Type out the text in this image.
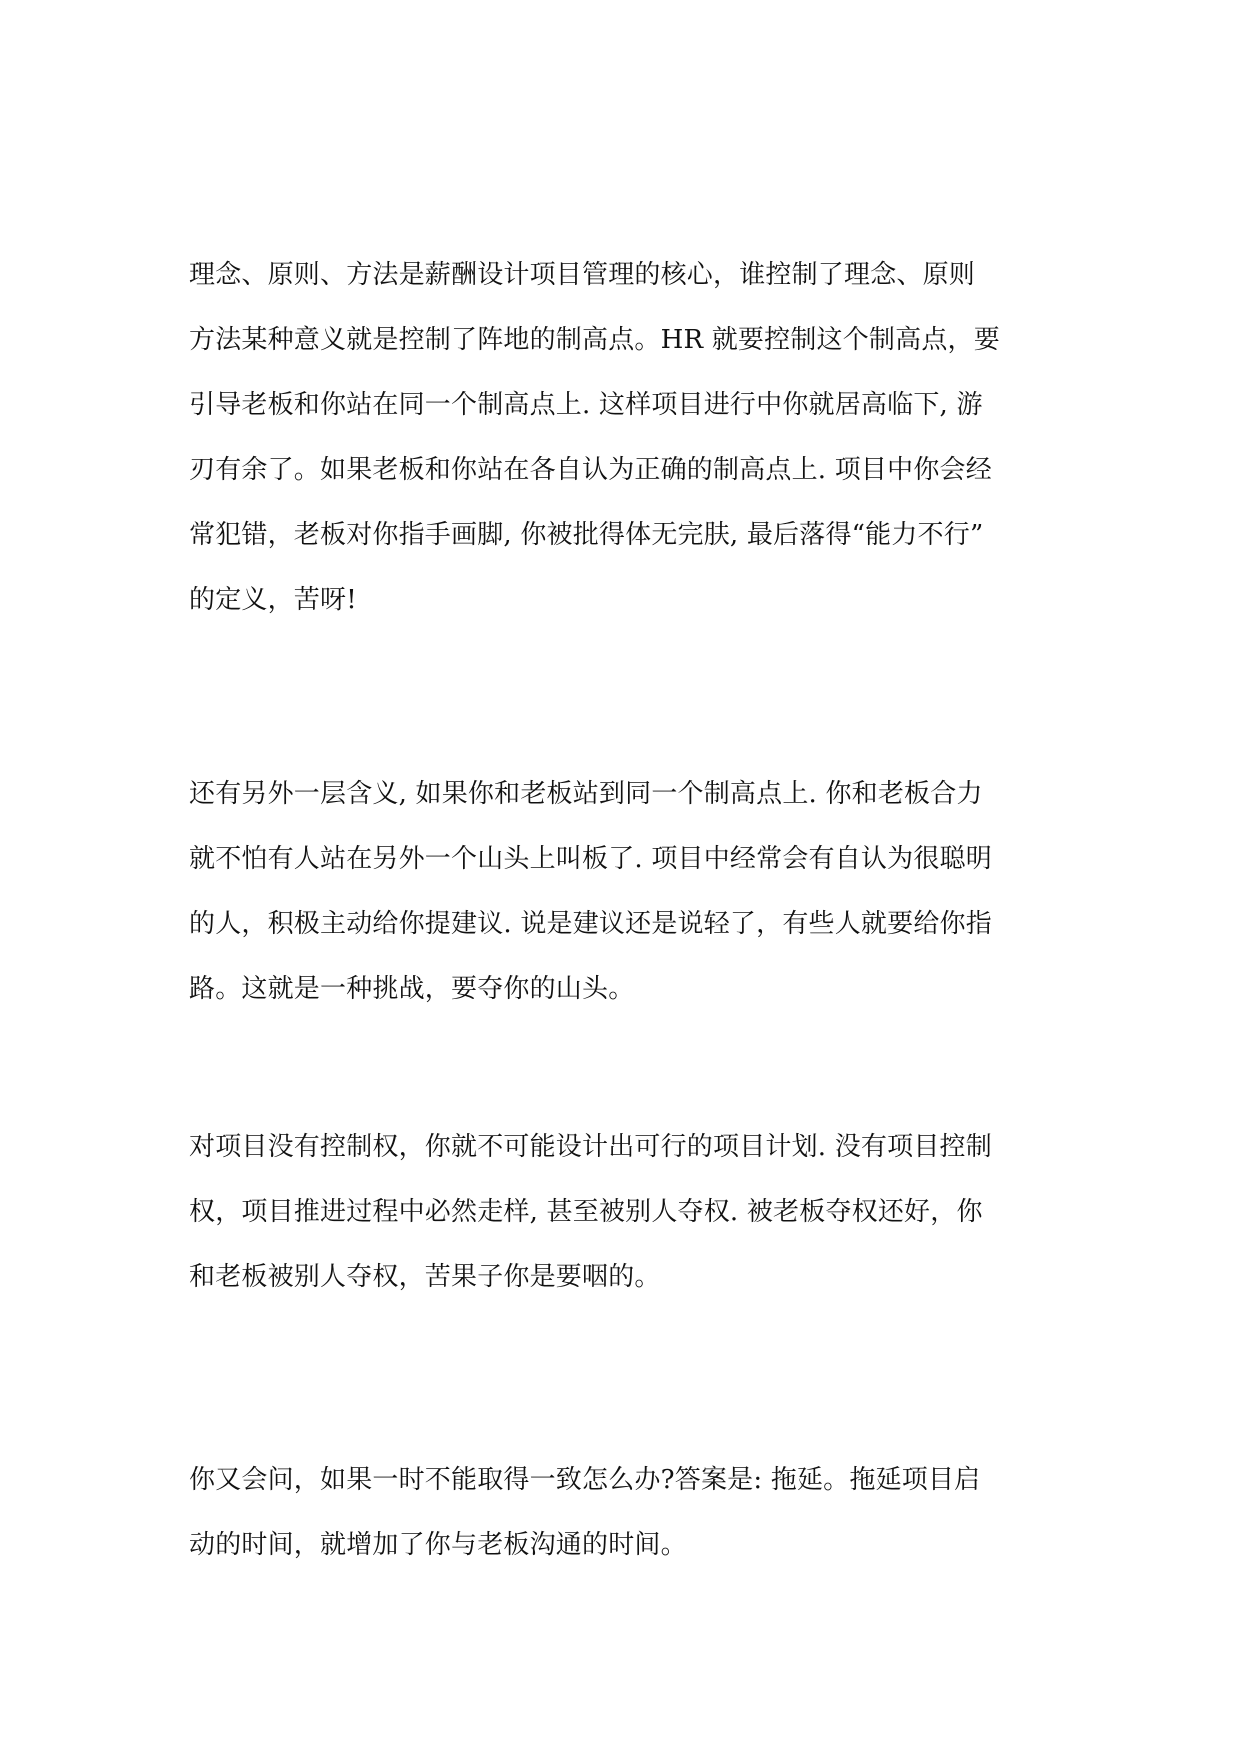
理念、原则、方法是薪酬设计项目管理的核心，谁控制了理念、原则
方法某种意义就是控制了阵地的制高点。HR 就要控制这个制高点，要
引导老板和你站在同一个制高点上. 这样项目进行中你就居高临下, 游
刃有余了。如果老板和你站在各自认为正确的制高点上. 项目中你会经
常犯错，老板对你指手画脚, 你被批得体无完肤, 最后落得“能力不行”
的定义，苦呀!

还有另外一层含义, 如果你和老板站到同一个制高点上. 你和老板合力
就不怕有人站在另外一个山头上叫板了. 项目中经常会有自认为很聪明
的人，积极主动给你提建议. 说是建议还是说轻了，有些人就要给你指
路。这就是一种挑战，要夺你的山头。

对项目没有控制权，你就不可能设计出可行的项目计划. 没有项目控制
权，项目推进过程中必然走样, 甚至被别人夺权. 被老板夺权还好，你
和老板被别人夺权，苦果子你是要咽的。

你又会问，如果一时不能取得一致怎么办?答案是: 拖延。拖延项目启
动的时间，就增加了你与老板沟通的时间。
